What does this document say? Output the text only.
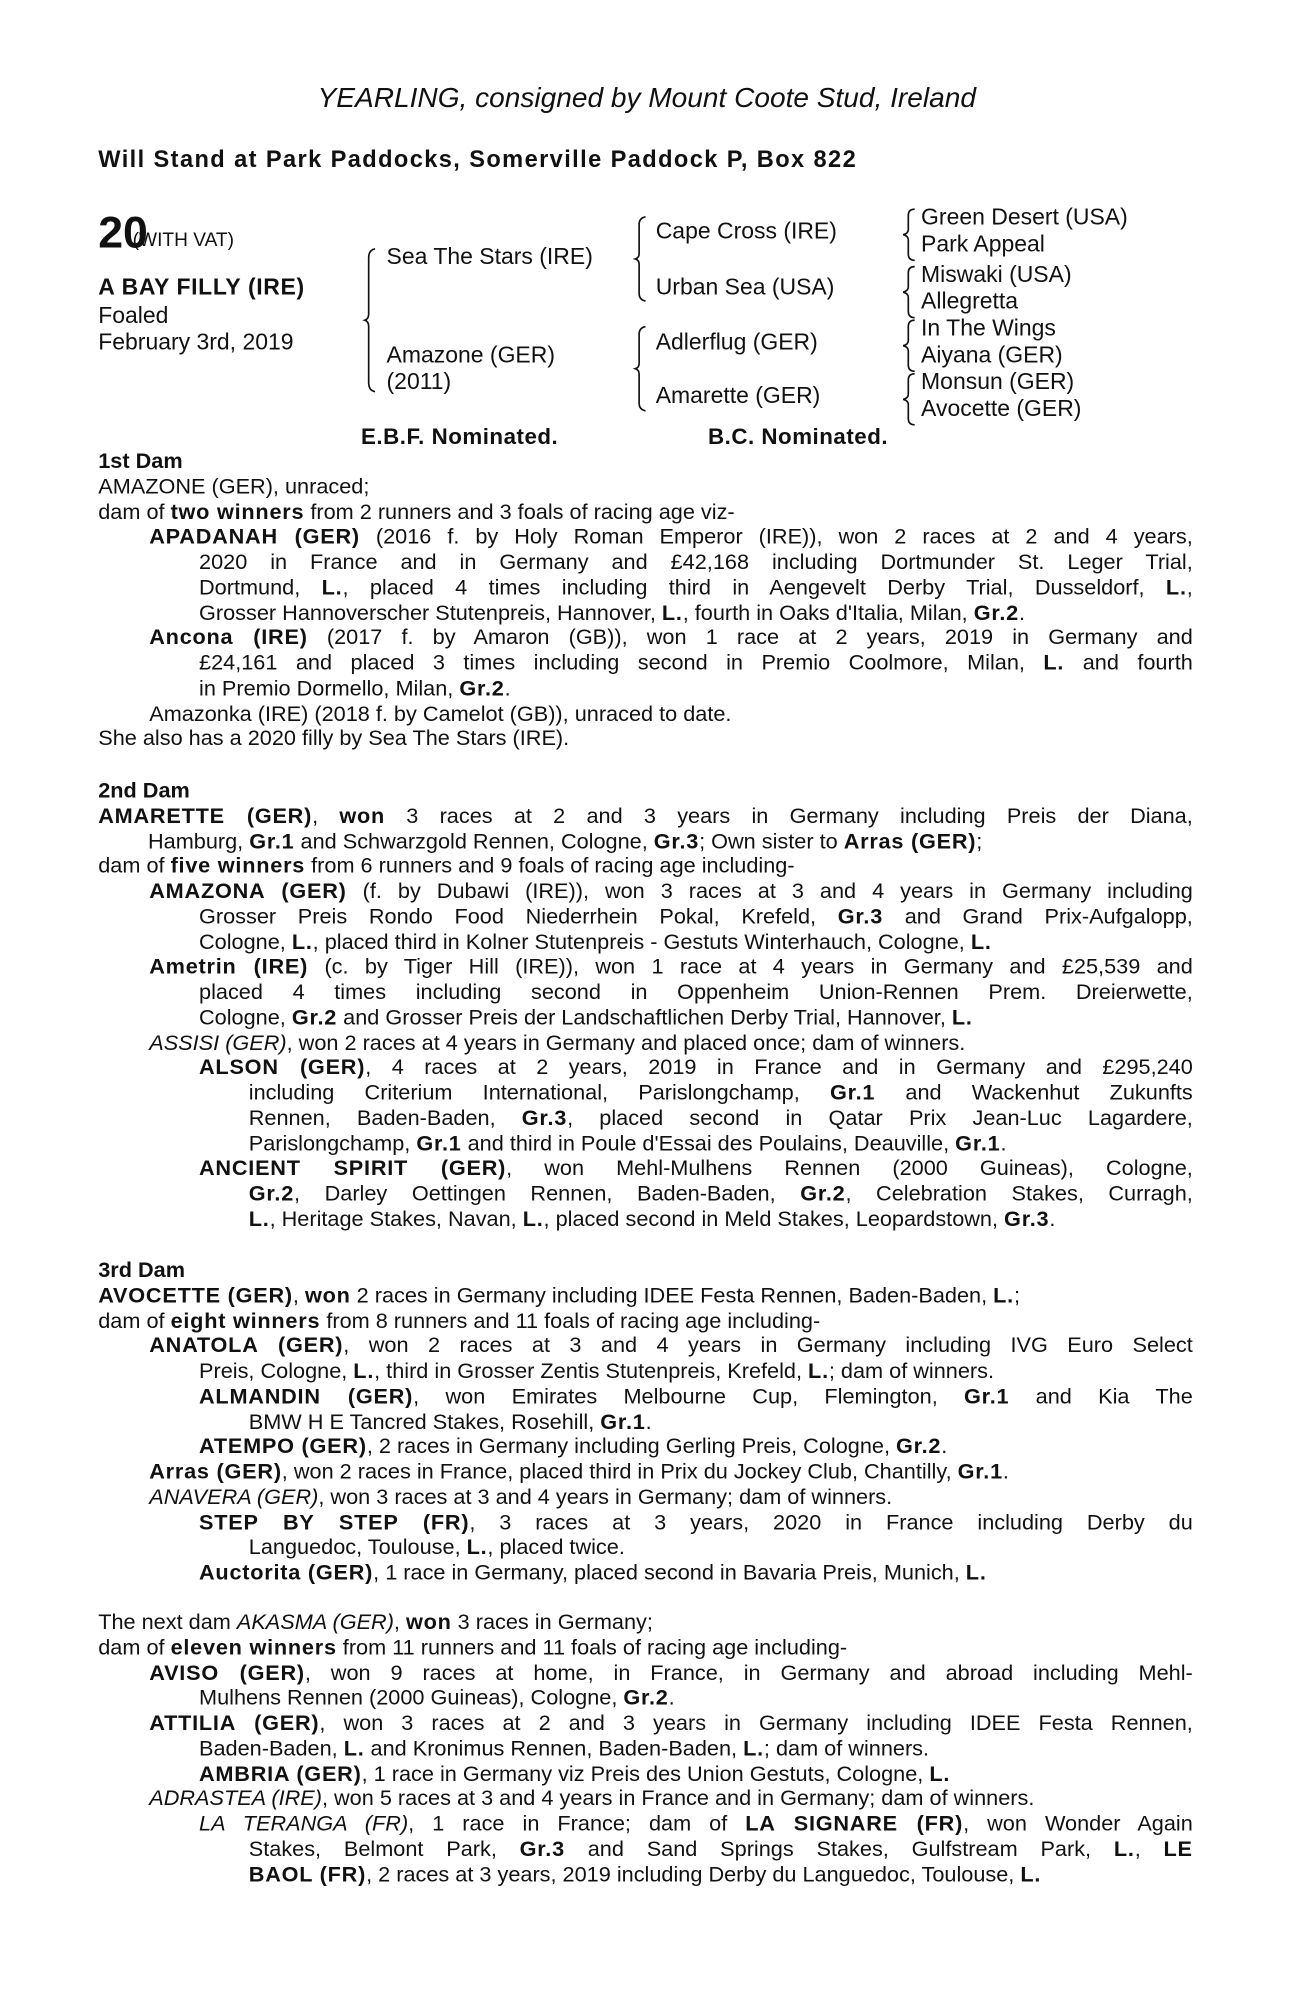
YEARLING, consigned by Mount Coote Stud, Ireland
Will Stand at Park Paddocks, Somerville Paddock P, Box 822
20
(WITH VAT)
A BAY FILLY (IRE)
Foaled
February 3rd, 2019
Sea The Stars (IRE)
Amazone (GER)
(2011)
Cape Cross (IRE)
Urban Sea (USA)
Adlerflug (GER)
Amarette (GER)
Green Desert (USA)
Park Appeal
Miswaki (USA)
Allegretta
In The Wings
Aiyana (GER)
Monsun (GER)
Avocette (GER)
E.B.F. Nominated.	B.C. Nominated.
1st Dam
AMAZONE (GER), unraced;
dam of two winners from 2 runners and 3 foals of racing age viz-
APADANAH (GER) (2016 f. by Holy Roman Emperor (IRE)), won 2 races at 2 and 4 years,
2020 in France and in Germany and £42,168 including Dortmunder St. Leger Trial,
Dortmund, L., placed 4 times including third in Aengevelt Derby Trial, Dusseldorf, L.,
Grosser Hannoverscher Stutenpreis, Hannover, L., fourth in Oaks d'Italia, Milan, Gr.2.
Ancona (IRE) (2017 f. by Amaron (GB)), won 1 race at 2 years, 2019 in Germany and
£24,161 and placed 3 times including second in Premio Coolmore, Milan, L. and fourth
in Premio Dormello, Milan, Gr.2.
Amazonka (IRE) (2018 f. by Camelot (GB)), unraced to date.
She also has a 2020 filly by Sea The Stars (IRE).
2nd Dam
AMARETTE (GER), won 3 races at 2 and 3 years in Germany including Preis der Diana,
Hamburg, Gr.1 and Schwarzgold Rennen, Cologne, Gr.3; Own sister to Arras (GER);
dam of five winners from 6 runners and 9 foals of racing age including-
AMAZONA (GER) (f. by Dubawi (IRE)), won 3 races at 3 and 4 years in Germany including
Grosser Preis Rondo Food Niederrhein Pokal, Krefeld, Gr.3 and Grand Prix-Aufgalopp,
Cologne, L., placed third in Kolner Stutenpreis - Gestuts Winterhauch, Cologne, L.
Ametrin (IRE) (c. by Tiger Hill (IRE)), won 1 race at 4 years in Germany and £25,539 and
placed 4 times including second in Oppenheim Union-Rennen Prem. Dreierwette,
Cologne, Gr.2 and Grosser Preis der Landschaftlichen Derby Trial, Hannover, L.
ASSISI (GER), won 2 races at 4 years in Germany and placed once; dam of winners.
ALSON (GER), 4 races at 2 years, 2019 in France and in Germany and £295,240
including Criterium International, Parislongchamp, Gr.1 and Wackenhut Zukunfts
Rennen, Baden-Baden, Gr.3, placed second in Qatar Prix Jean-Luc Lagardere,
Parislongchamp, Gr.1 and third in Poule d'Essai des Poulains, Deauville, Gr.1.
ANCIENT SPIRIT (GER), won Mehl-Mulhens Rennen (2000 Guineas), Cologne,
Gr.2, Darley Oettingen Rennen, Baden-Baden, Gr.2, Celebration Stakes, Curragh,
L., Heritage Stakes, Navan, L., placed second in Meld Stakes, Leopardstown, Gr.3.
3rd Dam
AVOCETTE (GER), won 2 races in Germany including IDEE Festa Rennen, Baden-Baden, L.;
dam of eight winners from 8 runners and 11 foals of racing age including-
ANATOLA (GER), won 2 races at 3 and 4 years in Germany including IVG Euro Select
Preis, Cologne, L., third in Grosser Zentis Stutenpreis, Krefeld, L.; dam of winners.
ALMANDIN (GER), won Emirates Melbourne Cup, Flemington, Gr.1 and Kia The
BMW H E Tancred Stakes, Rosehill, Gr.1.
ATEMPO (GER), 2 races in Germany including Gerling Preis, Cologne, Gr.2.
Arras (GER), won 2 races in France, placed third in Prix du Jockey Club, Chantilly, Gr.1.
ANAVERA (GER), won 3 races at 3 and 4 years in Germany; dam of winners.
STEP BY STEP (FR), 3 races at 3 years, 2020 in France including Derby du
Languedoc, Toulouse, L., placed twice.
Auctorita (GER), 1 race in Germany, placed second in Bavaria Preis, Munich, L.
The next dam AKASMA (GER), won 3 races in Germany;
dam of eleven winners from 11 runners and 11 foals of racing age including-
AVISO (GER), won 9 races at home, in France, in Germany and abroad including Mehl-
Mulhens Rennen (2000 Guineas), Cologne, Gr.2.
ATTILIA (GER), won 3 races at 2 and 3 years in Germany including IDEE Festa Rennen,
Baden-Baden, L. and Kronimus Rennen, Baden-Baden, L.; dam of winners.
AMBRIA (GER), 1 race in Germany viz Preis des Union Gestuts, Cologne, L.
ADRASTEA (IRE), won 5 races at 3 and 4 years in France and in Germany; dam of winners.
LA TERANGA (FR), 1 race in France; dam of LA SIGNARE (FR), won Wonder Again
Stakes, Belmont Park, Gr.3 and Sand Springs Stakes, Gulfstream Park, L., LE
BAOL (FR), 2 races at 3 years, 2019 including Derby du Languedoc, Toulouse, L.
